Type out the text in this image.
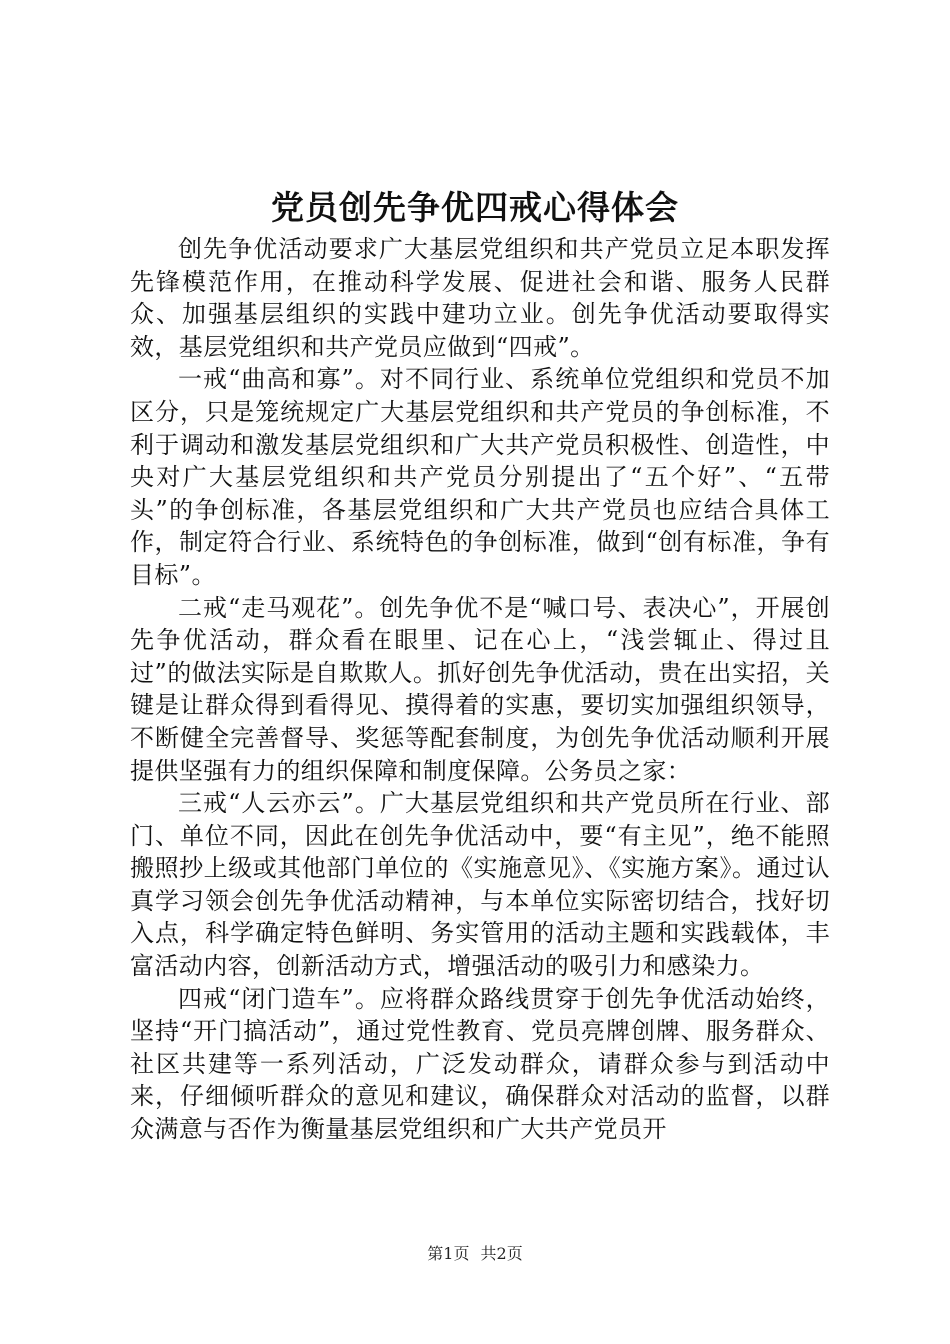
党员创先争优四戒心得体会

创先争优活动要求广大基层党组织和共产党员立足本职发挥先锋模范作用，在推动科学发展、促进社会和谐、服务人民群众、加强基层组织的实践中建功立业。创先争优活动要取得实效，基层党组织和共产党员应做到“四戒”。

一戒“曲高和寡”。对不同行业、系统单位党组织和党员不加区分，只是笼统规定广大基层党组织和共产党员的争创标准，不利于调动和激发基层党组织和广大共产党员积极性、创造性，中央对广大基层党组织和共产党员分别提出了“五个好”、“五带头”的争创标准，各基层党组织和广大共产党员也应结合具体工作，制定符合行业、系统特色的争创标准，做到“创有标准，争有目标”。

二戒“走马观花”。创先争优不是“喊口号、表决心”，开展创先争优活动，群众看在眼里、记在心上，“浅尝辄止、得过且过”的做法实际是自欺欺人。抓好创先争优活动，贵在出实招，关键是让群众得到看得见、摸得着的实惠，要切实加强组织领导，不断健全完善督导、奖惩等配套制度，为创先争优活动顺利开展提供坚强有力的组织保障和制度保障。公务员之家：

三戒“人云亦云”。广大基层党组织和共产党员所在行业、部门、单位不同，因此在创先争优活动中，要“有主见”，绝不能照搬照抄上级或其他部门单位的《实施意见》、《实施方案》。通过认真学习领会创先争优活动精神，与本单位实际密切结合，找好切入点，科学确定特色鲜明、务实管用的活动主题和实践载体，丰富活动内容，创新活动方式，增强活动的吸引力和感染力。

四戒“闭门造车”。应将群众路线贯穿于创先争优活动始终，坚持“开门搞活动”，通过党性教育、党员亮牌创牌、服务群众、社区共建等一系列活动，广泛发动群众，请群众参与到活动中来，仔细倾听群众的意见和建议，确保群众对活动的监督，以群众满意与否作为衡量基层党组织和广大共产党员开

第1页 共2页
